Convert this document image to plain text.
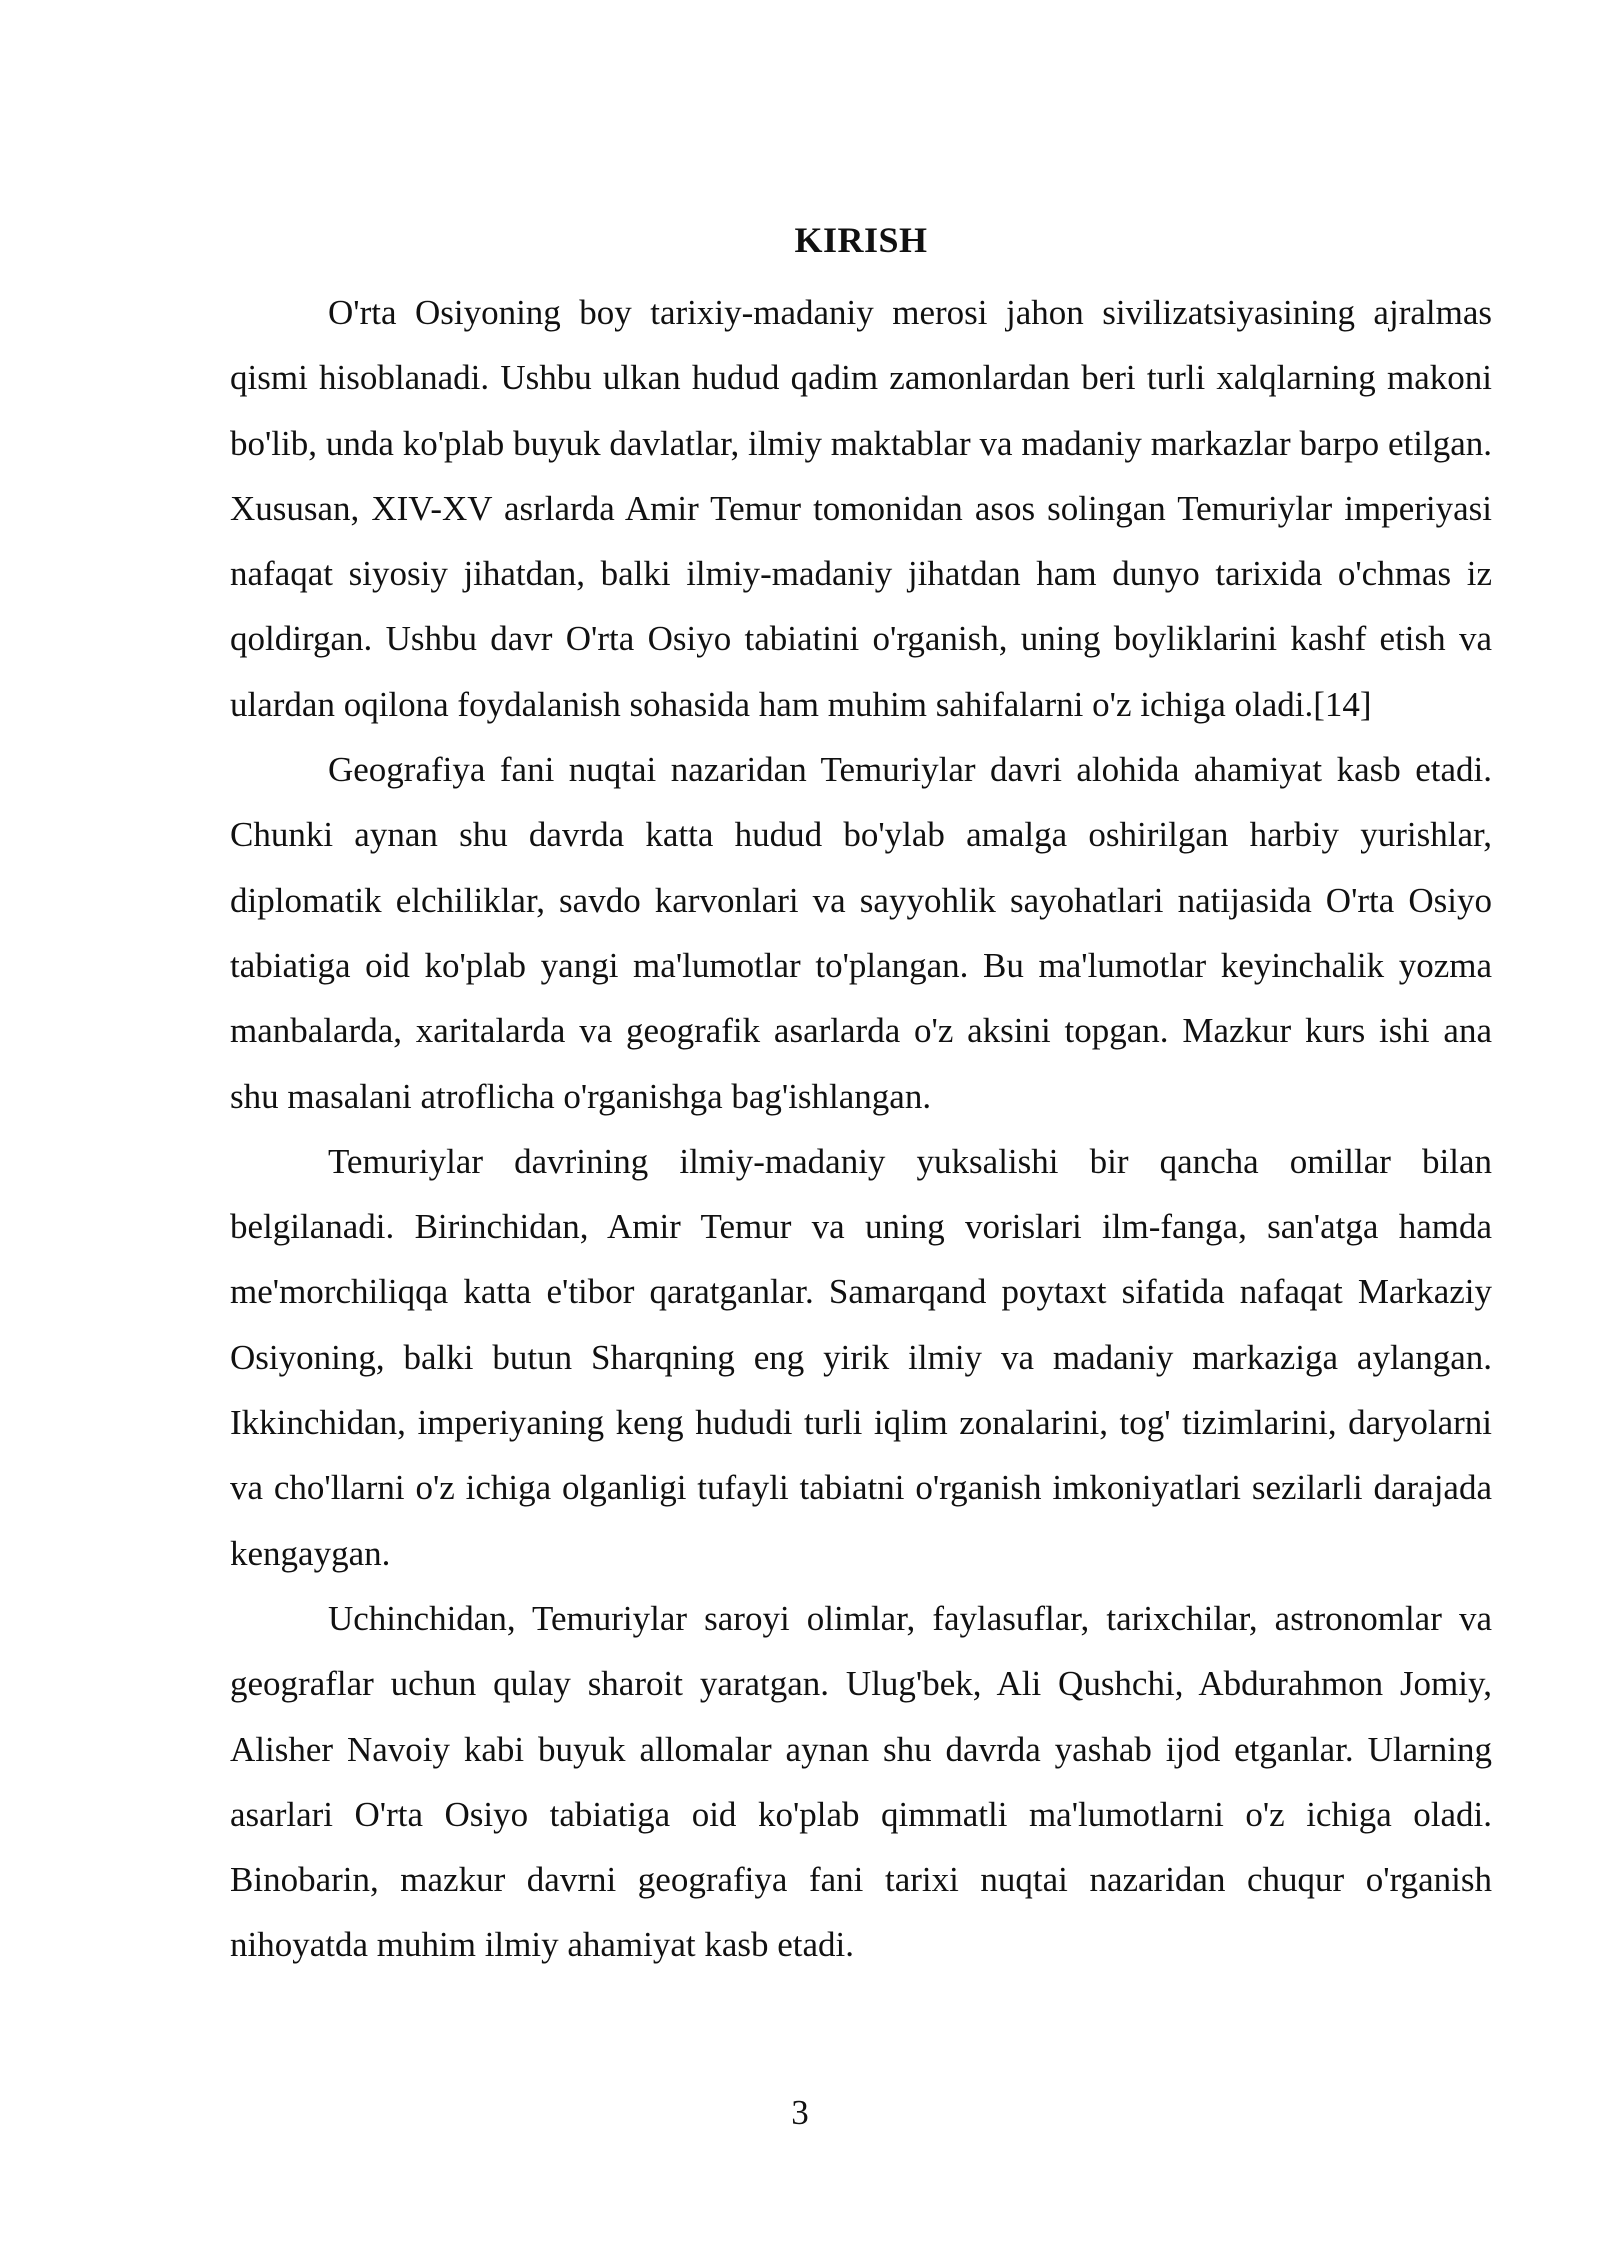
KIRISH

O'rta Osiyoning boy tarixiy-madaniy merosi jahon sivilizatsiyasining ajralmas qismi hisoblanadi. Ushbu ulkan hudud qadim zamonlardan beri turli xalqlarning makoni bo'lib, unda ko'plab buyuk davlatlar, ilmiy maktablar va madaniy markazlar barpo etilgan. Xususan, XIV-XV asrlarda Amir Temur tomonidan asos solingan Temuriylar imperiyasi nafaqat siyosiy jihatdan, balki ilmiy-madaniy jihatdan ham dunyo tarixida o'chmas iz qoldirgan. Ushbu davr O'rta Osiyo tabiatini o'rganish, uning boyliklarini kashf etish va ulardan oqilona foydalanish sohasida ham muhim sahifalarni o'z ichiga oladi.[14]

Geografiya fani nuqtai nazaridan Temuriylar davri alohida ahamiyat kasb etadi. Chunki aynan shu davrda katta hudud bo'ylab amalga oshirilgan harbiy yurishlar, diplomatik elchiliklar, savdo karvonlari va sayyohlik sayohatlari natijasida O'rta Osiyo tabiatiga oid ko'plab yangi ma'lumotlar to'plangan. Bu ma'lumotlar keyinchalik yozma manbalarda, xaritalarda va geografik asarlarda o'z aksini topgan. Mazkur kurs ishi ana shu masalani atroflicha o'rganishga bag'ishlangan.

Temuriylar davrining ilmiy-madaniy yuksalishi bir qancha omillar bilan belgilanadi. Birinchidan, Amir Temur va uning vorislari ilm-fanga, san'atga hamda me'morchiliqqa katta e'tibor qaratganlar. Samarqand poytaxt sifatida nafaqat Markaziy Osiyoning, balki butun Sharqning eng yirik ilmiy va madaniy markaziga aylangan. Ikkinchidan, imperiyaning keng hududi turli iqlim zonalarini, tog' tizimlarini, daryolarni va cho'llarni o'z ichiga olganligi tufayli tabiatni o'rganish imkoniyatlari sezilarli darajada kengaygan.

Uchinchidan, Temuriylar saroyi olimlar, faylasuflar, tarixchilar, astronomlar va geograflar uchun qulay sharoit yaratgan. Ulug'bek, Ali Qushchi, Abdurahmon Jomiy, Alisher Navoiy kabi buyuk allomalar aynan shu davrda yashab ijod etganlar. Ularning asarlari O'rta Osiyo tabiatiga oid ko'plab qimmatli ma'lumotlarni o'z ichiga oladi. Binobarin, mazkur davrni geografiya fani tarixi nuqtai nazaridan chuqur o'rganish nihoyatda muhim ilmiy ahamiyat kasb etadi.

3
